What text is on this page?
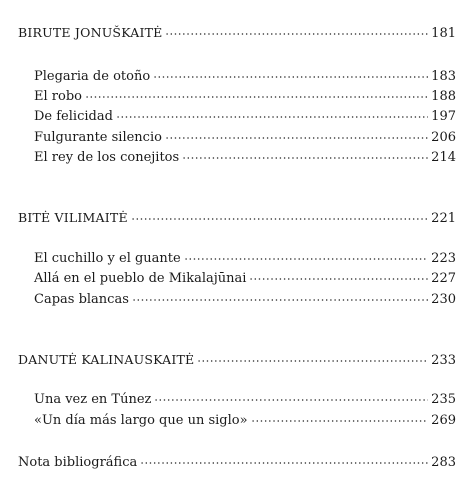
BIRUTE JONUŠKAITĖ	181
Plegaria de otoño	183
El robo	188
De felicidad	197
Fulgurante silencio	206
El rey de los conejitos	214
BITĖ VILIMAITĖ	221
El cuchillo y el guante	223
Allá en el pueblo de Mikalajūnai	227
Capas blancas	230
DANUTĖ KALINAUSKAITĖ	233
Una vez en Túnez	235
«Un día más largo que un siglo»	269
Nota bibliográfica	283
